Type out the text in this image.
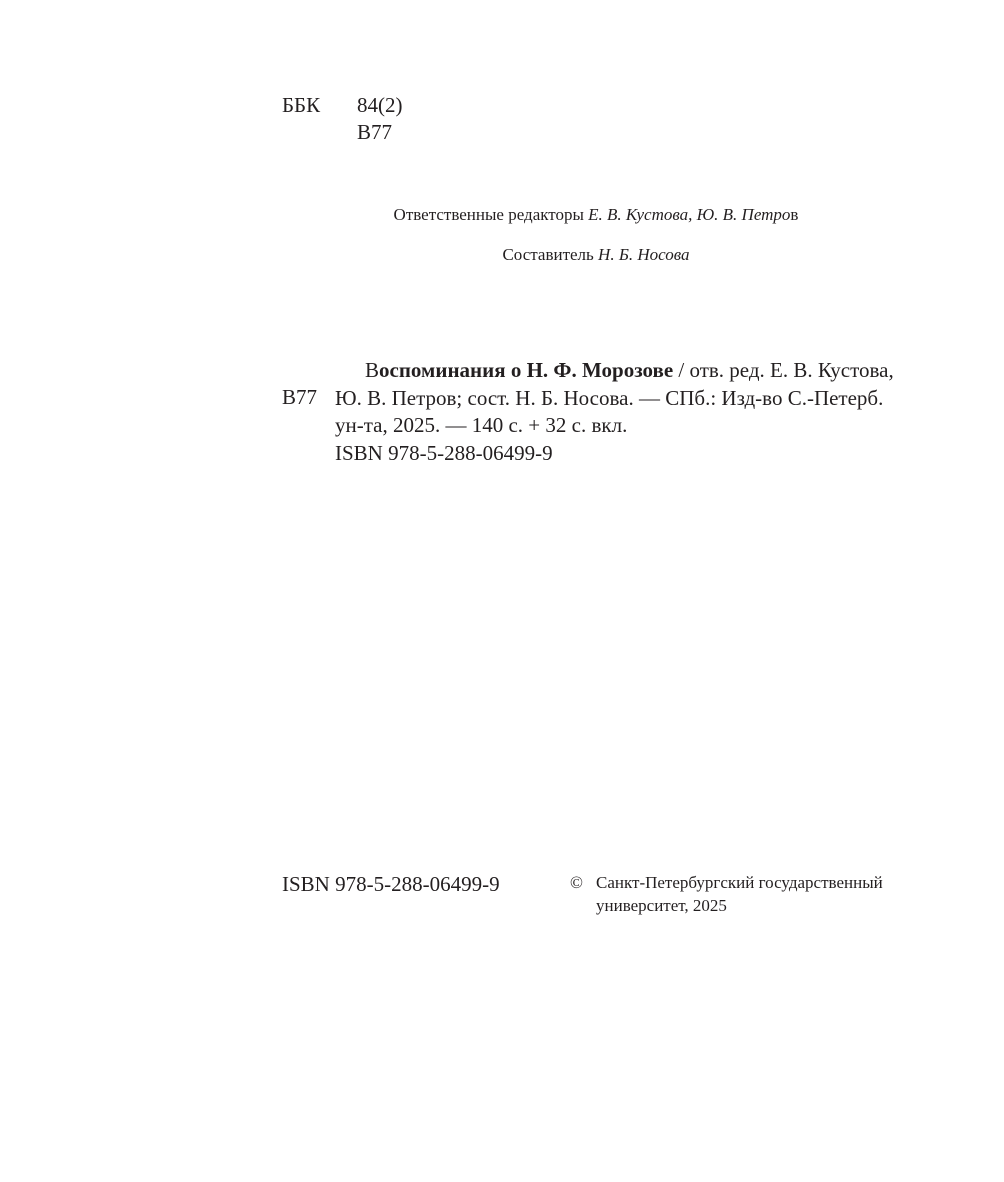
ББК 84(2)
В77
Ответственные редакторы Е. В. Кустова, Ю. В. Петров
Составитель Н. Б. Носова
В77
Воспоминания о Н. Ф. Морозове / отв. ред. Е. В. Кустова,
Ю. В. Петров; сост. Н. Б. Носова. — СПб.: Изд-во С.-Петерб.
ун-та, 2025. — 140 с. + 32 с. вкл.
ISBN 978-5-288-06499-9
ISBN 978-5-288-06499-9	© Санкт-Петербургский государственный
университет, 2025
